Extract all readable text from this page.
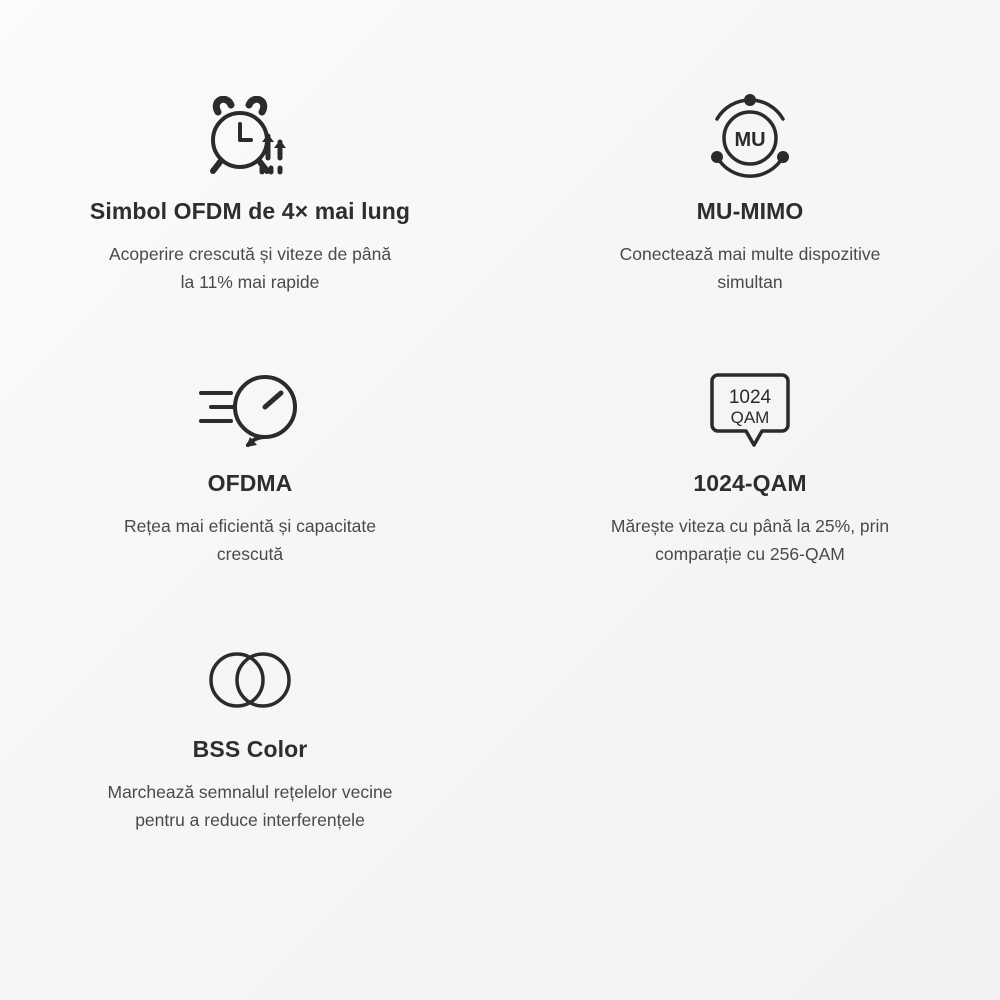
Simbol OFDM de 4× mai lung
Acoperire crescută și viteze de până la 11% mai rapide
MU
MU-MIMO
Conectează mai multe dispozitive simultan
OFDMA
Rețea mai eficientă și capacitate crescută
1024
QAM
1024-QAM
Mărește viteza cu până la 25%, prin comparație cu 256-QAM
BSS Color
Marchează semnalul rețelelor vecine pentru a reduce interferențele
